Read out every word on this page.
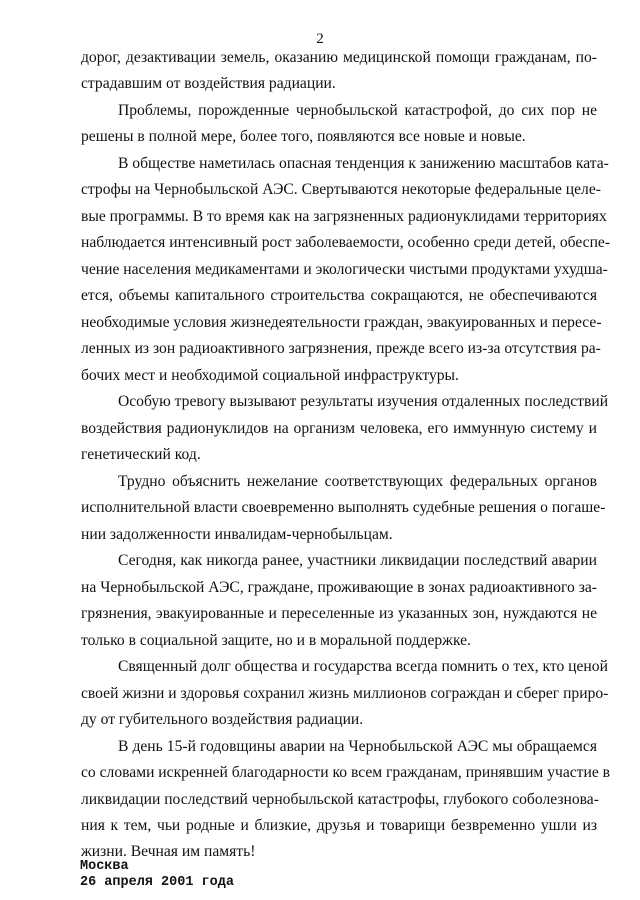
2
дорог, дезактивации земель, оказанию медицинской помощи гражданам, по-
страдавшим от воздействия радиации.
Проблемы, порожденные чернобыльской катастрофой, до сих пор не
решены в полной мере, более того, появляются все новые и новые.
В обществе наметилась опасная тенденция к занижению масштабов ката-
строфы на Чернобыльской АЭС. Свертываются некоторые федеральные целе-
вые программы. В то время как на загрязненных радионуклидами территориях
наблюдается интенсивный рост заболеваемости, особенно среди детей, обеспе-
чение населения медикаментами и экологически чистыми продуктами ухудша-
ется, объемы капитального строительства сокращаются, не обеспечиваются
необходимые условия жизнедеятельности граждан, эвакуированных и пересе-
ленных из зон радиоактивного загрязнения, прежде всего из-за отсутствия ра-
бочих мест и необходимой социальной инфраструктуры.
Особую тревогу вызывают результаты изучения отдаленных последствий
воздействия радионуклидов на организм человека, его иммунную систему и
генетический код.
Трудно объяснить нежелание соответствующих федеральных органов
исполнительной власти своевременно выполнять судебные решения о погаше-
нии задолженности инвалидам-чернобыльцам.
Сегодня, как никогда ранее, участники ликвидации последствий аварии
на Чернобыльской АЭС, граждане, проживающие в зонах радиоактивного за-
грязнения, эвакуированные и переселенные из указанных зон, нуждаются не
только в социальной защите, но и в моральной поддержке.
Священный долг общества и государства всегда помнить о тех, кто ценой
своей жизни и здоровья сохранил жизнь миллионов сограждан и сберег приро-
ду от губительного воздействия радиации.
В день 15-й годовщины аварии на Чернобыльской АЭС мы обращаемся
со словами искренней благодарности ко всем гражданам, принявшим участие в
ликвидации последствий чернобыльской катастрофы, глубокого соболезнова-
ния к тем, чьи родные и близкие, друзья и товарищи безвременно ушли из
жизни. Вечная им память!
Москва
26 апреля 2001 года
